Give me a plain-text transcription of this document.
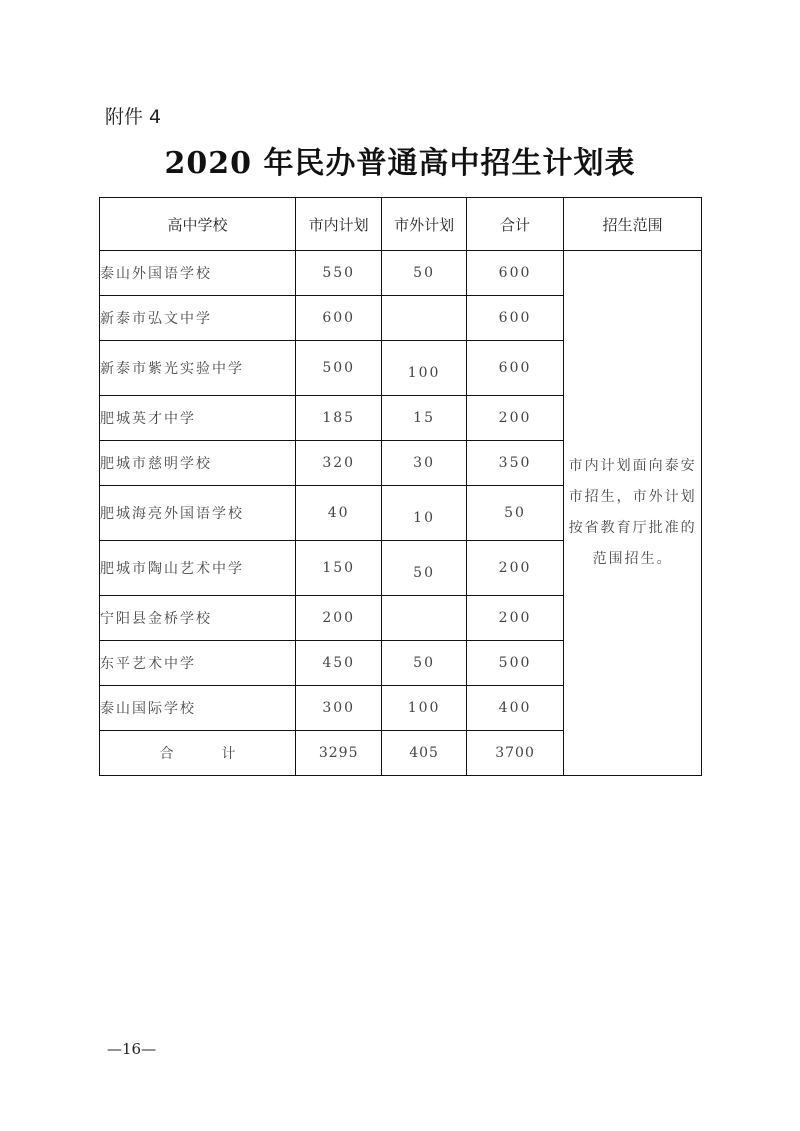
附件 4
2020 年民办普通高中招生计划表
高中学校	市内计划	市外计划	合计	招生范围
泰山外国语学校	550	50	600	市内计划面向泰安市招生，市外计划按省教育厅批准的范围招生。
新泰市弘文中学	600		600	
新泰市紫光实验中学	500	100	600	
肥城英才中学	185	15	200	
肥城市慈明学校	320	30	350	
肥城海亮外国语学校	40	10	50	
肥城市陶山艺术中学	150	50	200	
宁阳县金桥学校	200		200	
东平艺术中学	450	50	500	
泰山国际学校	300	100	400	
合 计	3295	405	3700	
—16—
